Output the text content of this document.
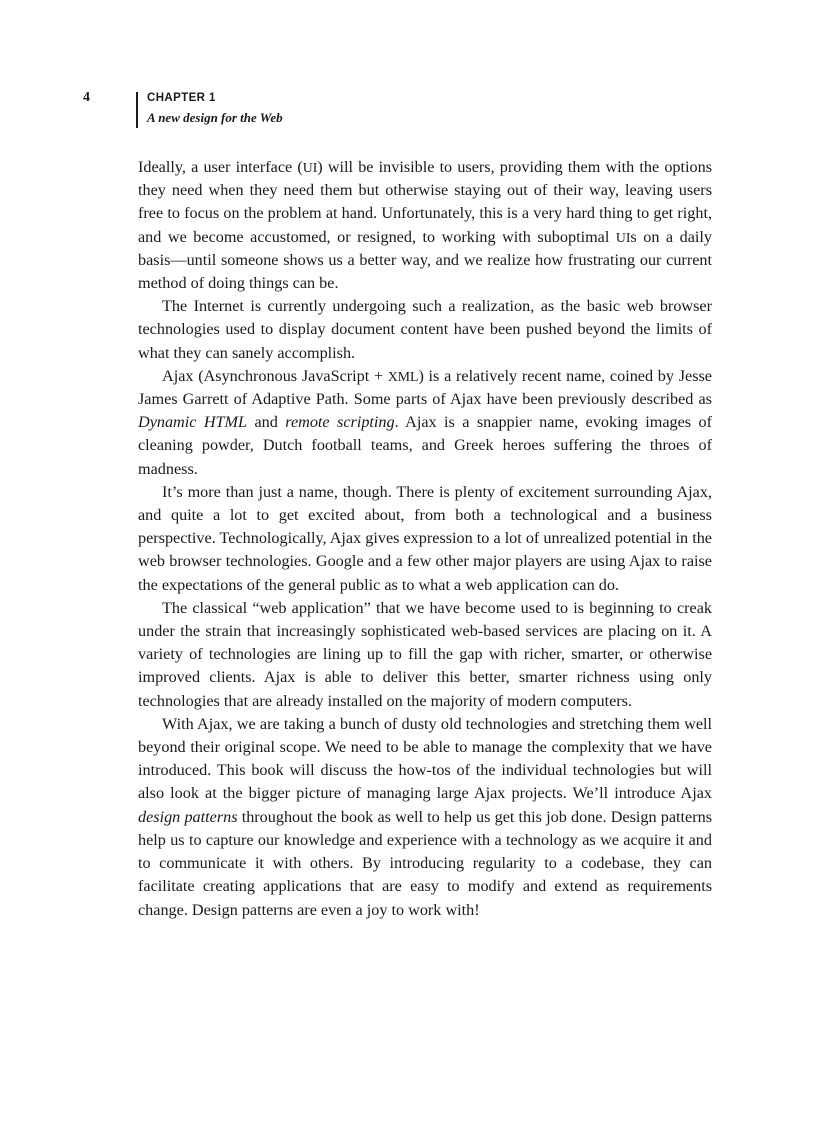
4	CHAPTER 1
A new design for the Web

Ideally, a user interface (UI) will be invisible to users, providing them with the options they need when they need them but otherwise staying out of their way, leaving users free to focus on the problem at hand. Unfortunately, this is a very hard thing to get right, and we become accustomed, or resigned, to working with suboptimal UIs on a daily basis—until someone shows us a better way, and we realize how frustrating our current method of doing things can be.

The Internet is currently undergoing such a realization, as the basic web browser technologies used to display document content have been pushed beyond the limits of what they can sanely accomplish.

Ajax (Asynchronous JavaScript + XML) is a relatively recent name, coined by Jesse James Garrett of Adaptive Path. Some parts of Ajax have been previously described as Dynamic HTML and remote scripting. Ajax is a snappier name, evoking images of cleaning powder, Dutch football teams, and Greek heroes suffering the throes of madness.

It’s more than just a name, though. There is plenty of excitement surrounding Ajax, and quite a lot to get excited about, from both a technological and a business perspective. Technologically, Ajax gives expression to a lot of unrealized potential in the web browser technologies. Google and a few other major players are using Ajax to raise the expectations of the general public as to what a web application can do.

The classical “web application” that we have become used to is beginning to creak under the strain that increasingly sophisticated web-based services are placing on it. A variety of technologies are lining up to fill the gap with richer, smarter, or otherwise improved clients. Ajax is able to deliver this better, smarter richness using only technologies that are already installed on the majority of modern computers.

With Ajax, we are taking a bunch of dusty old technologies and stretching them well beyond their original scope. We need to be able to manage the complexity that we have introduced. This book will discuss the how-tos of the individual technologies but will also look at the bigger picture of managing large Ajax projects. We’ll introduce Ajax design patterns throughout the book as well to help us get this job done. Design patterns help us to capture our knowledge and experience with a technology as we acquire it and to communicate it with others. By introducing regularity to a codebase, they can facilitate creating applications that are easy to modify and extend as requirements change. Design patterns are even a joy to work with!
